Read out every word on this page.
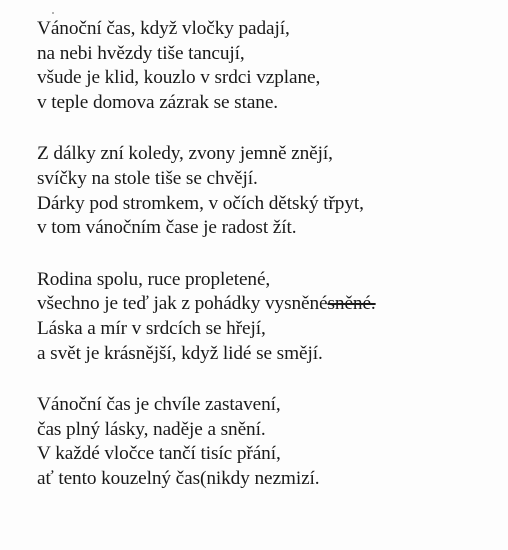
Vánoční čas, když vločky padají,
na nebi hvězdy tiše tancují,
všude je klid, kouzlo v srdci vzplane,
v teple domova zázrak se stane.
Z dálky zní koledy, zvony jemně znějí,
svíčky na stole tiše se chvějí.
Dárky pod stromkem, v očích dětský třpyt,
v tom vánočním čase je radost žít.
Rodina spolu, ruce propletené,
všechno je teď jak z pohádky vysněnésněné.
Láska a mír v srdcích se hřejí,
a svět je krásnější, když lidé se smějí.
Vánoční čas je chvíle zastavení,
čas plný lásky, naděje a snění.
V každé vločce tančí tisíc přání,
ať tento kouzelný čas(nikdy nezmizí.
